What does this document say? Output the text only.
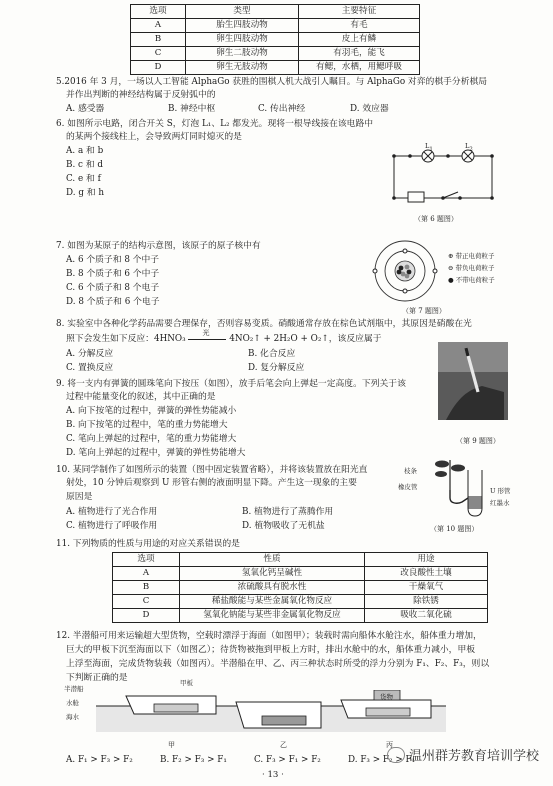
选项	类型	主要特征
A	胎生四肢动物	有毛
B	卵生四肢动物	皮上有鳞
C	卵生二肢动物	有羽毛，能飞
D	卵生无肢动物	有鳃，水栖，用鳃呼吸
5.2016 年 3 月，一场以人工智能 AlphaGo 获胜的围棋人机大战引人瞩目。与 AlphaGo 对弈的棋手分析棋局
并作出判断的神经结构属于反射弧中的
A. 感受器	B. 神经中枢	C. 传出神经	D. 效应器
6. 如图所示电路，闭合开关 S，灯泡 L₁、L₂ 都发光。现将一根导线接在该电路中
的某两个接线柱上，会导致两灯同时熄灭的是
A. a 和 b
B. c 和 d
C. e 和 f
D. g 和 h
$L_1$	$L_2$
（第 6 题图）
7. 如图为某原子的结构示意图，该原子的原子核中有
A. 6 个质子和 8 个中子
B. 8 个质子和 6 个中子
C. 6 个质子和 8 个电子
D. 8 个质子和 6 个电子
⊕ 带正电荷粒子
⊖ 带负电荷粒子
● 不带电荷粒子
（第 7 题图）
8. 实验室中各种化学药品需要合理保存，否则容易变质。硝酸通常存放在棕色试剂瓶中，其原因是硝酸在光
照下会发生如下反应：4HNO₃
光
4NO₂↑ + 2H₂O + O₂↑，该反应属于
A. 分解反应	B. 化合反应
C. 置换反应	D. 复分解反应
9. 将一支内有弹簧的圆珠笔向下按压（如图），放手后笔会向上弹起一定高度。下列关于该
过程中能量变化的叙述，其中正确的是
A. 向下按笔的过程中，弹簧的弹性势能减小
B. 向下按笔的过程中，笔的重力势能增大
C. 笔向上弹起的过程中，笔的重力势能增大
D. 笔向上弹起的过程中，弹簧的弹性势能增大
（第 9 题图）
10. 某同学制作了如图所示的装置（图中固定装置省略），并将该装置放在阳光直
射处，10 分钟后观察到 U 形管右侧的液面明显下降。产生这一现象的主要
原因是
A. 植物进行了光合作用	B. 植物进行了蒸腾作用
C. 植物进行了呼吸作用	D. 植物吸收了无机盐
枝条
橡皮管	U 形管
红墨水
（第 10 题图）
11. 下列物质的性质与用途的对应关系错误的是
选项	性质	用途
A	氢氧化钙呈碱性	改良酸性土壤
B	浓硫酸具有脱水性	干燥氧气
C	稀盐酸能与某些金属氧化物反应	除铁锈
D	氢氧化钠能与某些非金属氧化物反应	吸收二氧化硫
12. 半潜船可用来运输超大型货物，空载时漂浮于海面（如图甲）；装载时需向船体水舱注水，船体重力增加，
巨大的甲板下沉至海面以下（如图乙）；待货物被拖到甲板上方时，排出水舱中的水，船体重力减小，甲板
上浮至海面，完成货物装载（如图丙）。半潜船在甲、乙、丙三种状态时所受的浮力分别为 F₁、F₂、F₃，则以
下判断正确的是
半潜船
甲板
水舱
海水
货物
甲	乙	丙
A. F₁ > F₃ > F₂	B. F₂ > F₃ > F₁	C. F₃ > F₁ > F₂	D. F₃ > F₂ > F₁
· 13 ·
温州群芳教育培训学校
